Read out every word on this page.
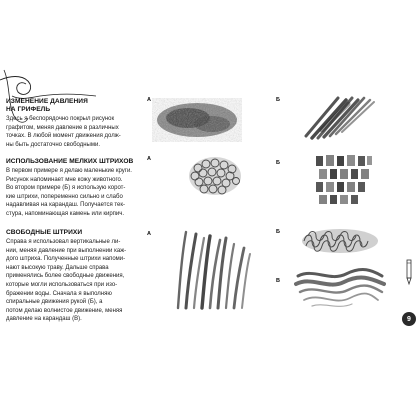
ИЗМЕНЕНИЕ ДАВЛЕНИЯ
НА ГРИФЕЛЬ
Здесь я беспорядочно покрыл рисунок
графитом, меняя давление в различных
точках. В любой момент движения долж-
ны быть достаточно свободными.
ИСПОЛЬЗОВАНИЕ МЕЛКИХ ШТРИХОВ
В первом примере я делаю маленькие круги.
Рисунок напоминает мне кожу животного.
Во втором примере (Б) я использую корот-
кие штрихи, попеременно сильно и слабо
надавливая на карандаш. Получается тек-
стура, напоминающая камень или кирпич.
СВОБОДНЫЕ ШТРИХИ
Справа я использовал вертикальные ли-
нии, меняя давление при выполнении каж-
дого штриха. Полученные штрихи напоми-
нают высокую траву. Дальше справа
применялись более свободные движения,
которые могли использоваться при изо-
бражении воды. Сначала я выполняю
спиральные движения рукой (Б), а
потом делаю волнистое движение, меняя
давление на карандаш (В).
А	Б
А
Б
А	Б
В
9
